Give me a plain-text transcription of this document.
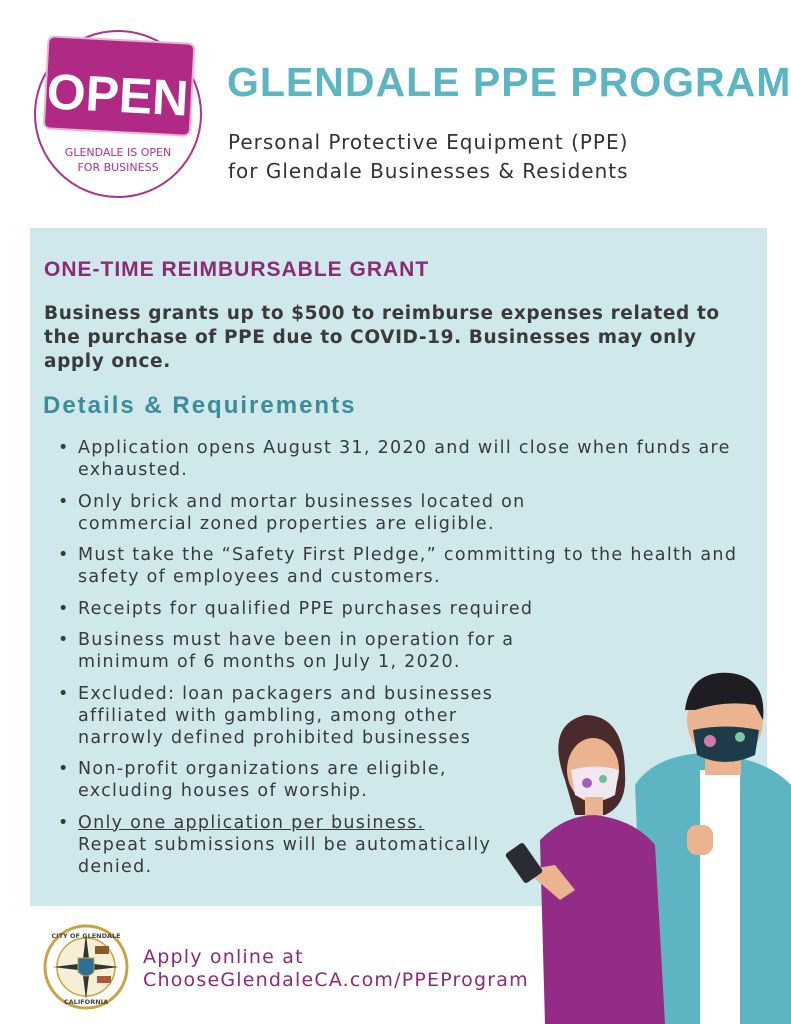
OPEN
GLENDALE IS OPEN
FOR BUSINESS
GLENDALE PPE PROGRAM
Personal Protective Equipment (PPE)
for Glendale Businesses & Residents
ONE-TIME REIMBURSABLE GRANT
Business grants up to $500 to reimburse expenses related to the purchase of PPE due to COVID-19. Businesses may only apply once.
Details & Requirements
• Application opens August 31, 2020 and will close when funds are exhausted.
• Only brick and mortar businesses located on commercial zoned properties are eligible.
• Must take the “Safety First Pledge,” committing to the health and safety of employees and customers.
• Receipts for qualified PPE purchases required
• Business must have been in operation for a minimum of 6 months on July 1, 2020.
• Excluded: loan packagers and businesses affiliated with gambling, among other narrowly defined prohibited businesses
• Non-profit organizations are eligible, excluding houses of worship.
• Only one application per business. Repeat submissions will be automatically denied.
CITY OF GLENDALE
CALIFORNIA
Apply online at
ChooseGlendaleCA.com/PPEProgram
